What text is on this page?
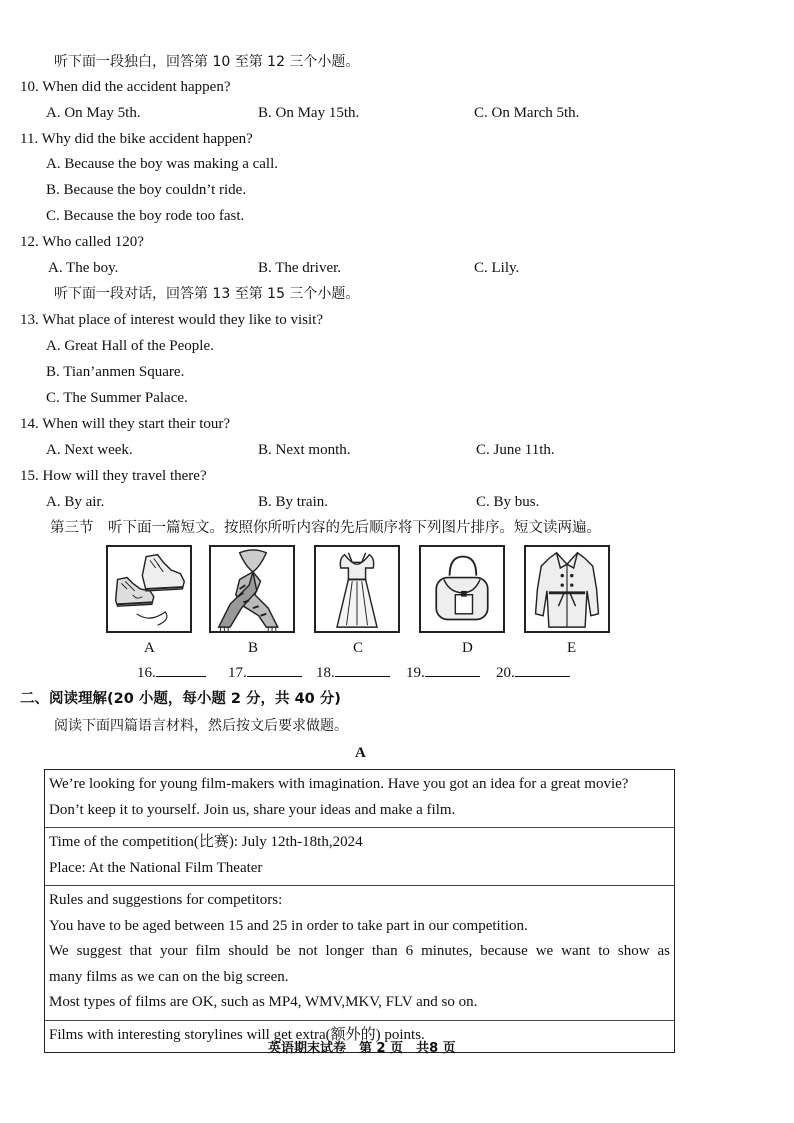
听下面一段独白，回答第 10 至第 12 三个小题。
10. When did the accident happen?
A. On May 5th.	B. On May 15th.	C. On March 5th.
11. Why did the bike accident happen?
A. Because the boy was making a call.
B. Because the boy couldn’t ride.
C. Because the boy rode too fast.
12. Who called 120?
A. The boy.	B. The driver.	C. Lily.
听下面一段对话，回答第 13 至第 15 三个小题。
13. What place of interest would they like to visit?
A. Great Hall of the People.
B. Tian’anmen Square.
C. The Summer Palace.
14. When will they start their tour?
A. Next week.	B. Next month.	C. June 11th.
15. How will they travel there?
A. By air.	B. By train.	C. By bus.
第三节　听下面一篇短文。按照你所听内容的先后顺序将下列图片排序。短文读两遍。
A	B	C	D	E
16.	17.	18.	19.	20.
二、阅读理解(20 小题，每小题 2 分，共 40 分)
阅读下面四篇语言材料，然后按文后要求做题。
A
We’re looking for young film-makers with imagination. Have you got an idea for a great movie?
Don’t keep it to yourself. Join us, share your ideas and make a film.
Time of the competition(比赛): July 12th-18th,2024
Place: At the National Film Theater
Rules and suggestions for competitors:
You have to be aged between 15 and 25 in order to take part in our competition.
We suggest that your film should be not longer than 6 minutes, because we want to show as
many films as we can on the big screen.
Most types of films are OK, such as MP4, WMV,MKV, FLV and so on.
Films with interesting storylines will get extra(额外的) points.
英语期末试卷　第 2 页　共8 页
